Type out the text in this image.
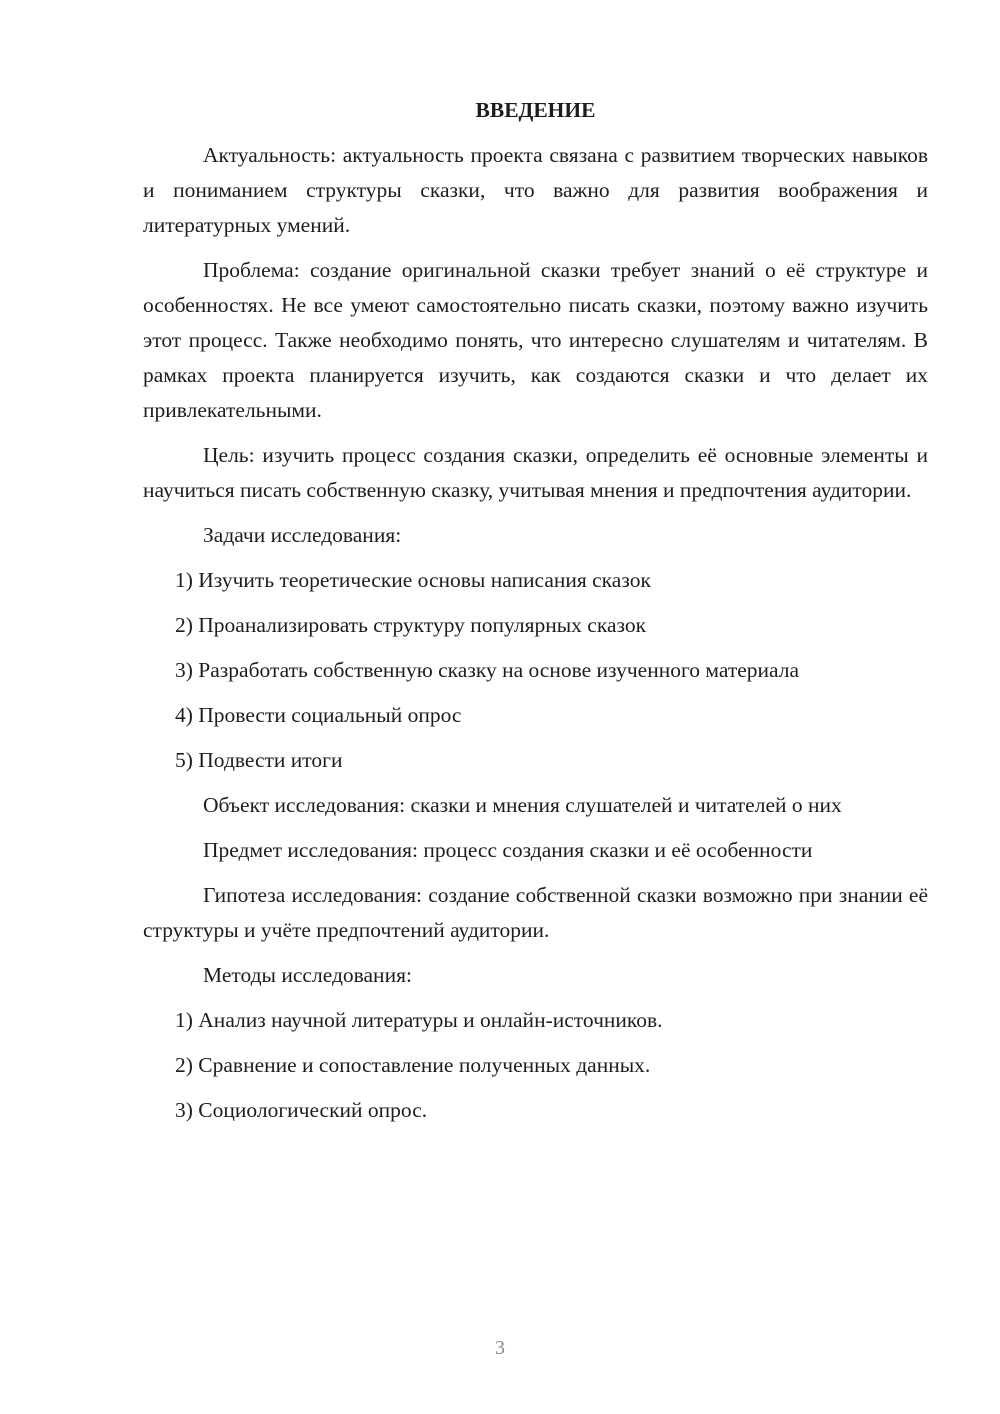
ВВЕДЕНИЕ

Актуальность: актуальность проекта связана с развитием творческих навыков и пониманием структуры сказки, что важно для развития воображения и литературных умений.

Проблема: создание оригинальной сказки требует знаний о её структуре и особенностях. Не все умеют самостоятельно писать сказки, поэтому важно изучить этот процесс. Также необходимо понять, что интересно слушателям и читателям. В рамках проекта планируется изучить, как создаются сказки и что делает их привлекательными.

Цель: изучить процесс создания сказки, определить её основные элементы и научиться писать собственную сказку, учитывая мнения и предпочтения аудитории.

Задачи исследования:

1) Изучить теоретические основы написания сказок

2) Проанализировать структуру популярных сказок

3) Разработать собственную сказку на основе изученного материала

4) Провести социальный опрос

5) Подвести итоги

Объект исследования: сказки и мнения слушателей и читателей о них

Предмет исследования: процесс создания сказки и её особенности

Гипотеза исследования: создание собственной сказки возможно при знании её структуры и учёте предпочтений аудитории.

Методы исследования:

1) Анализ научной литературы и онлайн-источников.

2) Сравнение и сопоставление полученных данных.

3) Социологический опрос.

3
